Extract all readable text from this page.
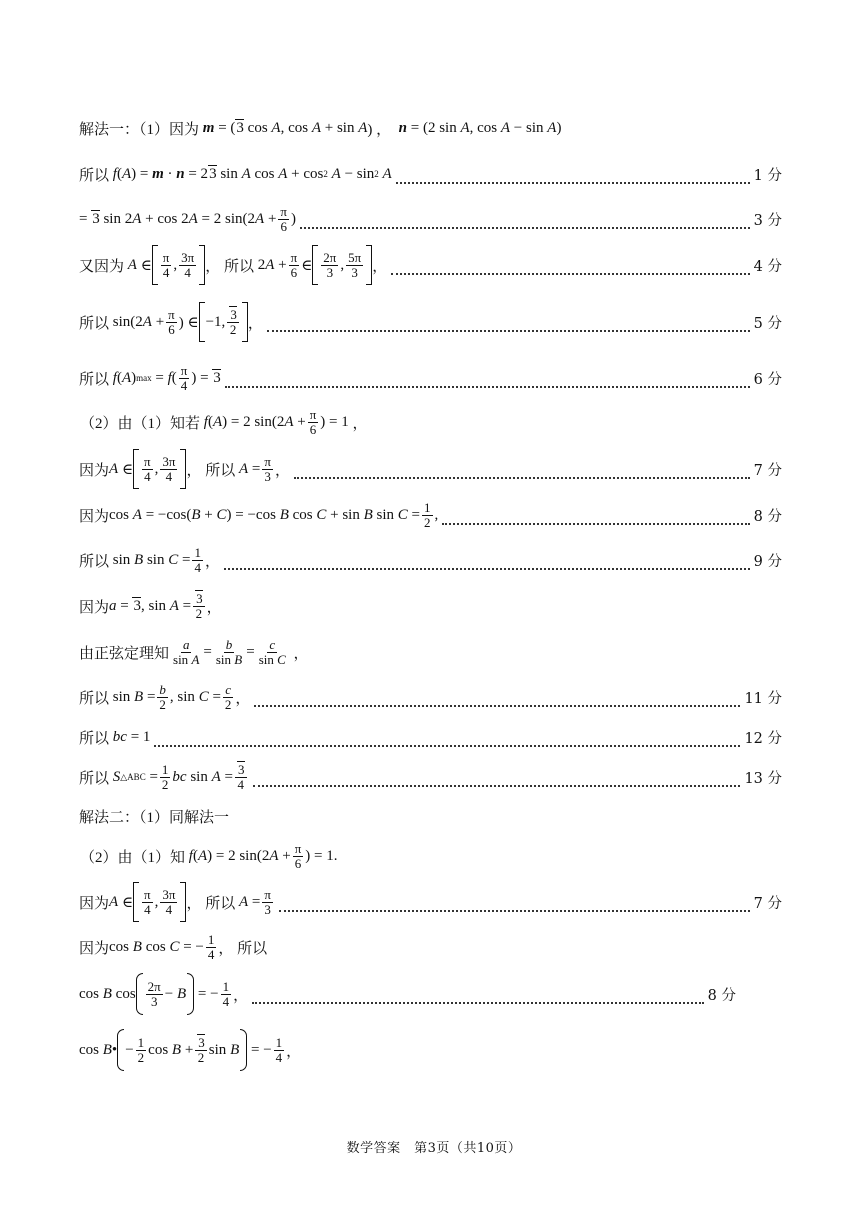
解法一：（1）因为 m = ( 3 cos A , cos A + sin A ) ， n = (2 sin A , cos A − sin A )
所以
f ( A ) = m · n = 2 3 sin A cos A + cos 2 A − sin 2 A	1 分
= 3 sin 2 A + cos 2 A = 2 sin(2 $A + \frac{\pi}{6}$ )	3 分
又因为
A ∈ $\frac{\pi}{4}$ , $\frac{3\pi}{4}$ ， 所以 2 $A + \frac{\pi}{6}$ ∈ $\frac{2\pi}{3}$ , $\frac{5\pi}{3}$ ，	4 分
所以 sin(2 $A + \frac{\pi}{6}$ ) ∈ −1, $\frac{3}{2}$ ，	5 分
所以
f ( A ) max = f ( $\frac{\pi}{4}$ ) = 3	6 分
（2）由（1）知若
f ( A ) = 2 sin(2 $A + \frac{\pi}{6}$ ) = 1 ，
因为 A ∈ $\frac{\pi}{4}$ , $\frac{3\pi}{4}$ ， 所以
$A = \frac{\pi}{3}$ ，	7 分
因为 cos A = −cos( B + C ) = −cos B cos C + sin B $\sin C = \frac{1}{2}$ ,	8 分
所以 sin B $\sin C = \frac{1}{4}$ ，	9 分
因为 a = 3 , $\sin A = \frac{3}{2}$ ，
由正弦定理知 $\frac{a}{\text{sin A}} = \frac{b}{\text{sin B}} = \frac{c}{\text{sin C}}$
，
所以 $\sin B = \frac{b}{2}$ , $\sin C = \frac{c}{2}$ ，	11 分
所以
bc = 1	12 分
所以
S △ABC = $\frac{1}{2}$ bc $\sin A = \frac{3}{4}$	13 分
解法二：（1）同解法一
（2）由（1）知
f ( A ) = 2 sin(2 $A + \frac{\pi}{6}$ ) = 1.
因为 A ∈ $\frac{\pi}{4}$ , $\frac{3\pi}{4}$ ， 所以
$A = \frac{\pi}{3}$	7 分
因为 cos B cos C = − $\frac{1}{4}$ ， 所以
cos B $\cos \frac{2\pi}{3} - B$ = − $\frac{1}{4}$ ，	8 分
cos B • − $\frac{1}{2}$ $\cos B + \frac{3}{2}$ sin B = − $\frac{1}{4}$ ，
数学答案　第3页（共10页）
